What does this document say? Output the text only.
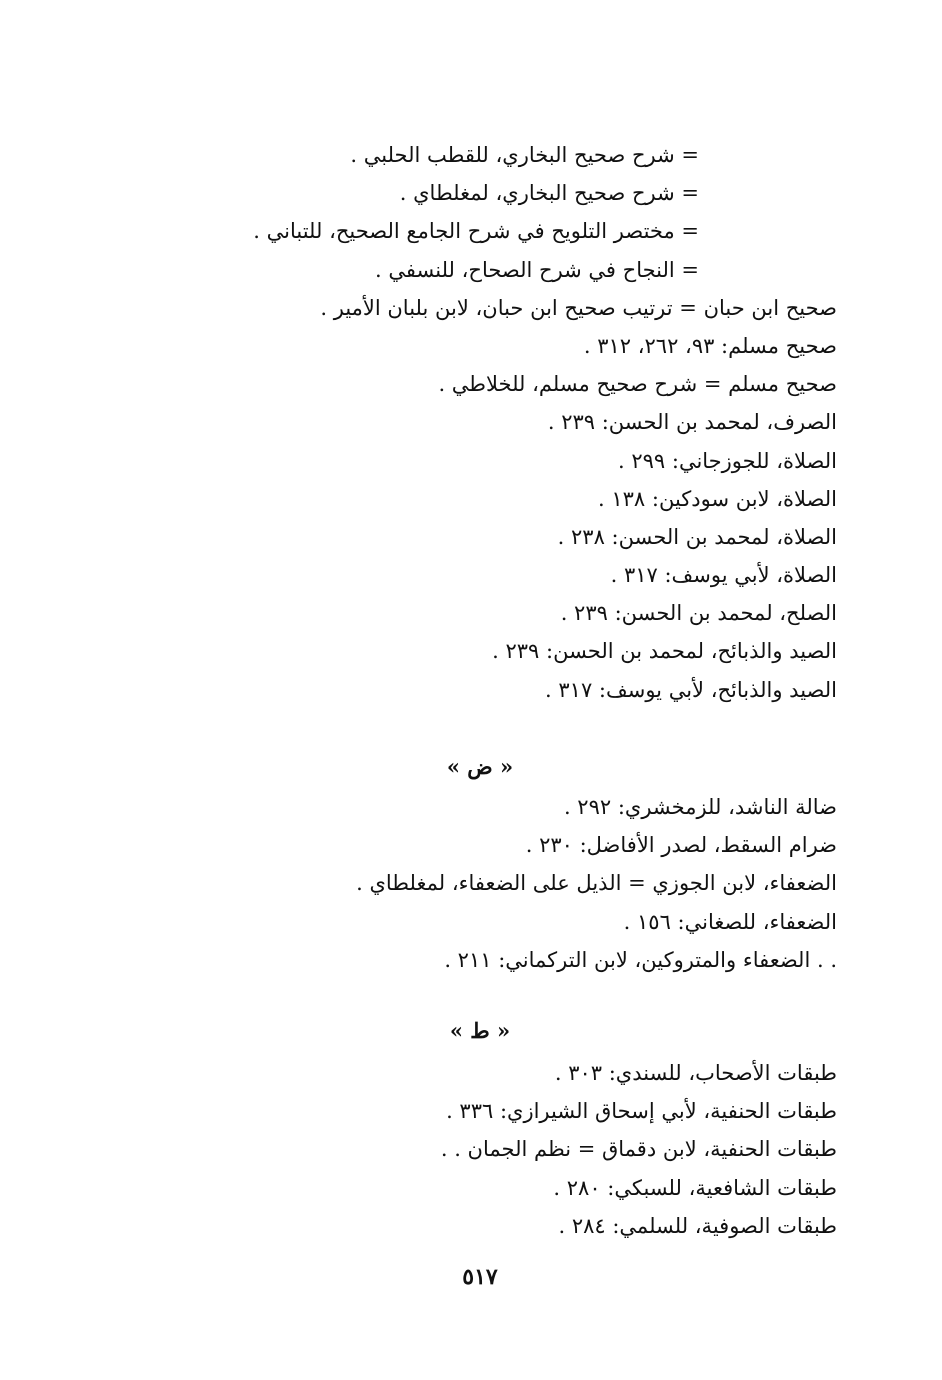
= شرح صحيح البخاري، للقطب الحلبي .
= شرح صحيح البخاري، لمغلطاي .
= مختصر التلويح في شرح الجامع الصحيح، للتباني .
= النجاح في شرح الصحاح، للنسفي .
صحيح ابن حبان = ترتيب صحيح ابن حبان، لابن بلبان الأمير .
صحيح مسلم: ٩٣، ٢٦٢، ٣١٢ .
صحيح مسلم = شرح صحيح مسلم، للخلاطي .
الصرف، لمحمد بن الحسن: ٢٣٩ .
الصلاة، للجوزجاني: ٢٩٩ .
الصلاة، لابن سودكين: ١٣٨ .
الصلاة، لمحمد بن الحسن: ٢٣٨ .
الصلاة، لأبي يوسف: ٣١٧ .
الصلح، لمحمد بن الحسن: ٢٣٩ .
الصيد والذبائح، لمحمد بن الحسن: ٢٣٩ .
الصيد والذبائح، لأبي يوسف: ٣١٧ .
« ض »
ضالة الناشد، للزمخشري: ٢٩٢ .
ضرام السقط، لصدر الأفاضل: ٢٣٠ .
الضعفاء، لابن الجوزي = الذيل على الضعفاء، لمغلطاي .
الضعفاء، للصغاني: ١٥٦ .
. . الضعفاء والمتروكين، لابن التركماني: ٢١١ .
« ط »
طبقات الأصحاب، للسندي: ٣٠٣ .
طبقات الحنفية، لأبي إسحاق الشيرازي: ٣٣٦ .
طبقات الحنفية، لابن دقماق = نظم الجمان . .
طبقات الشافعية، للسبكي: ٢٨٠ .
طبقات الصوفية، للسلمي: ٢٨٤ .
٥١٧
